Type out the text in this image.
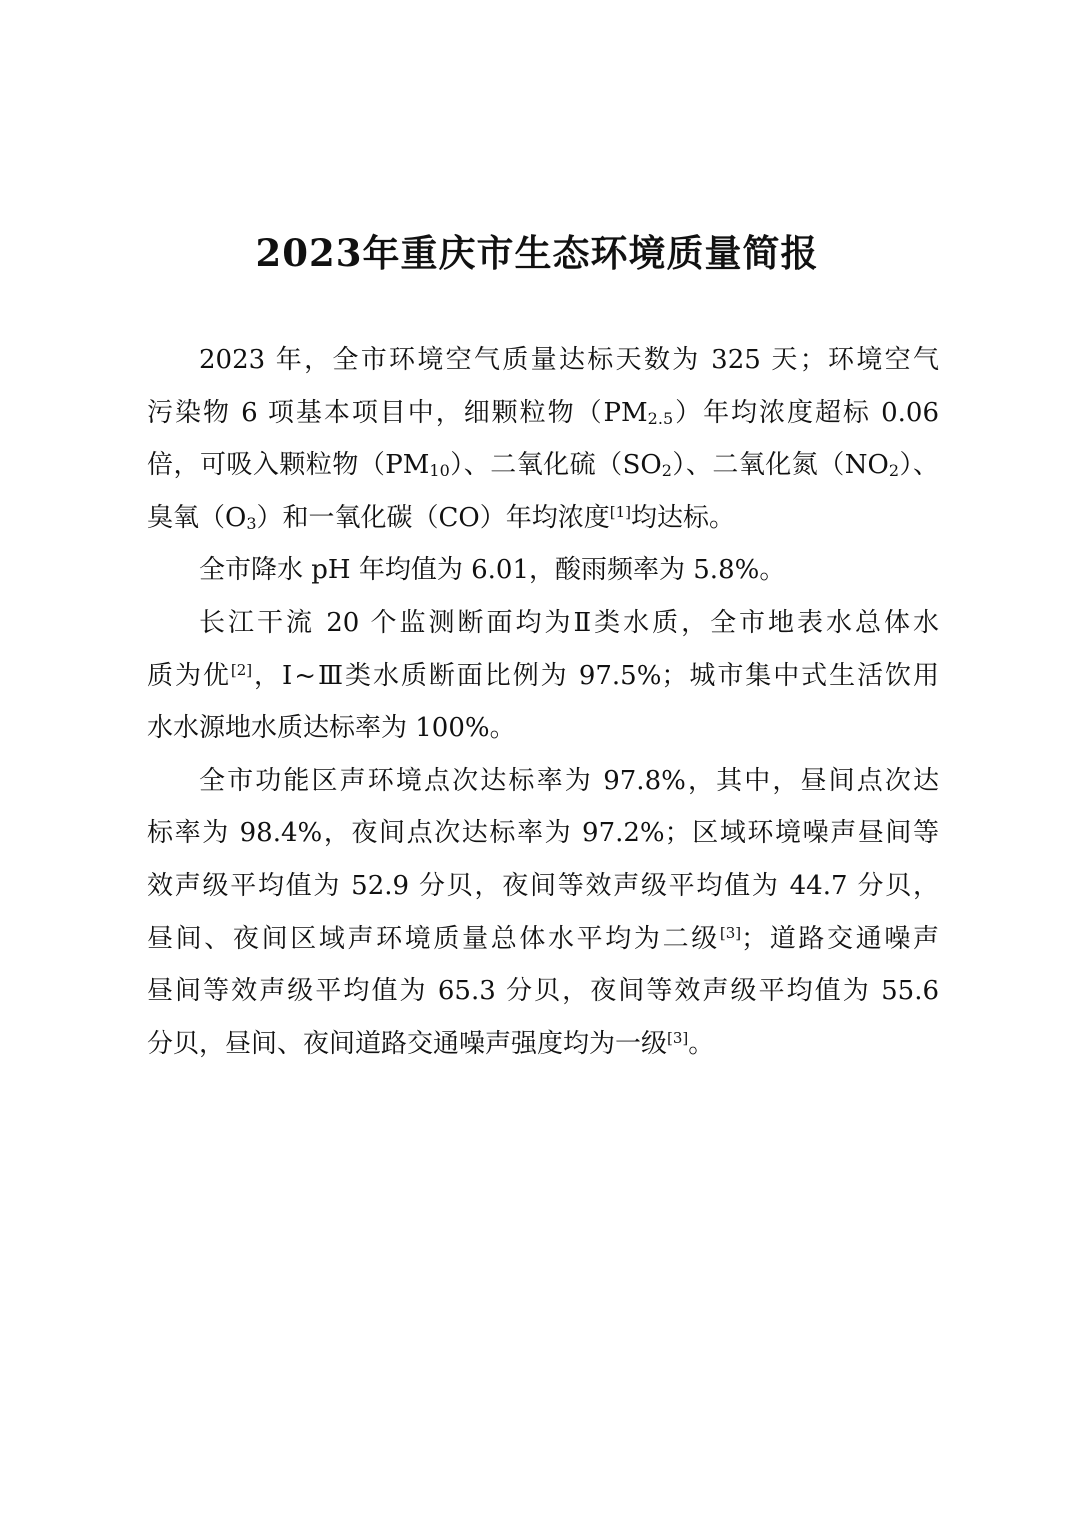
2023年重庆市生态环境质量简报
2023 年，全市环境空气质量达标天数为 325 天；环境空气
污染物 6 项基本项目中，细颗粒物$(PM_{2.5})$年均浓度超标 0.06
倍，可吸入颗粒物$(PM_{10})$、二氧化硫$(SO_2)$、二氧化氮$(NO_2)$、
臭氧$(O_3)$和一氧化碳（CO）年均浓度[1]均达标。
全市降水 pH 年均值为 6.01，酸雨频率为 5.8%。
长江干流 20 个监测断面均为Ⅱ类水质，全市地表水总体水
质为优[2]，Ⅰ~Ⅲ类水质断面比例为 97.5%；城市集中式生活饮用
水水源地水质达标率为 100%。
全市功能区声环境点次达标率为 97.8%，其中，昼间点次达
标率为 98.4%，夜间点次达标率为 97.2%；区域环境噪声昼间等
效声级平均值为 52.9 分贝，夜间等效声级平均值为 44.7 分贝，
昼间、夜间区域声环境质量总体水平均为二级[3]；道路交通噪声
昼间等效声级平均值为 65.3 分贝，夜间等效声级平均值为 55.6
分贝，昼间、夜间道路交通噪声强度均为一级[3]。
